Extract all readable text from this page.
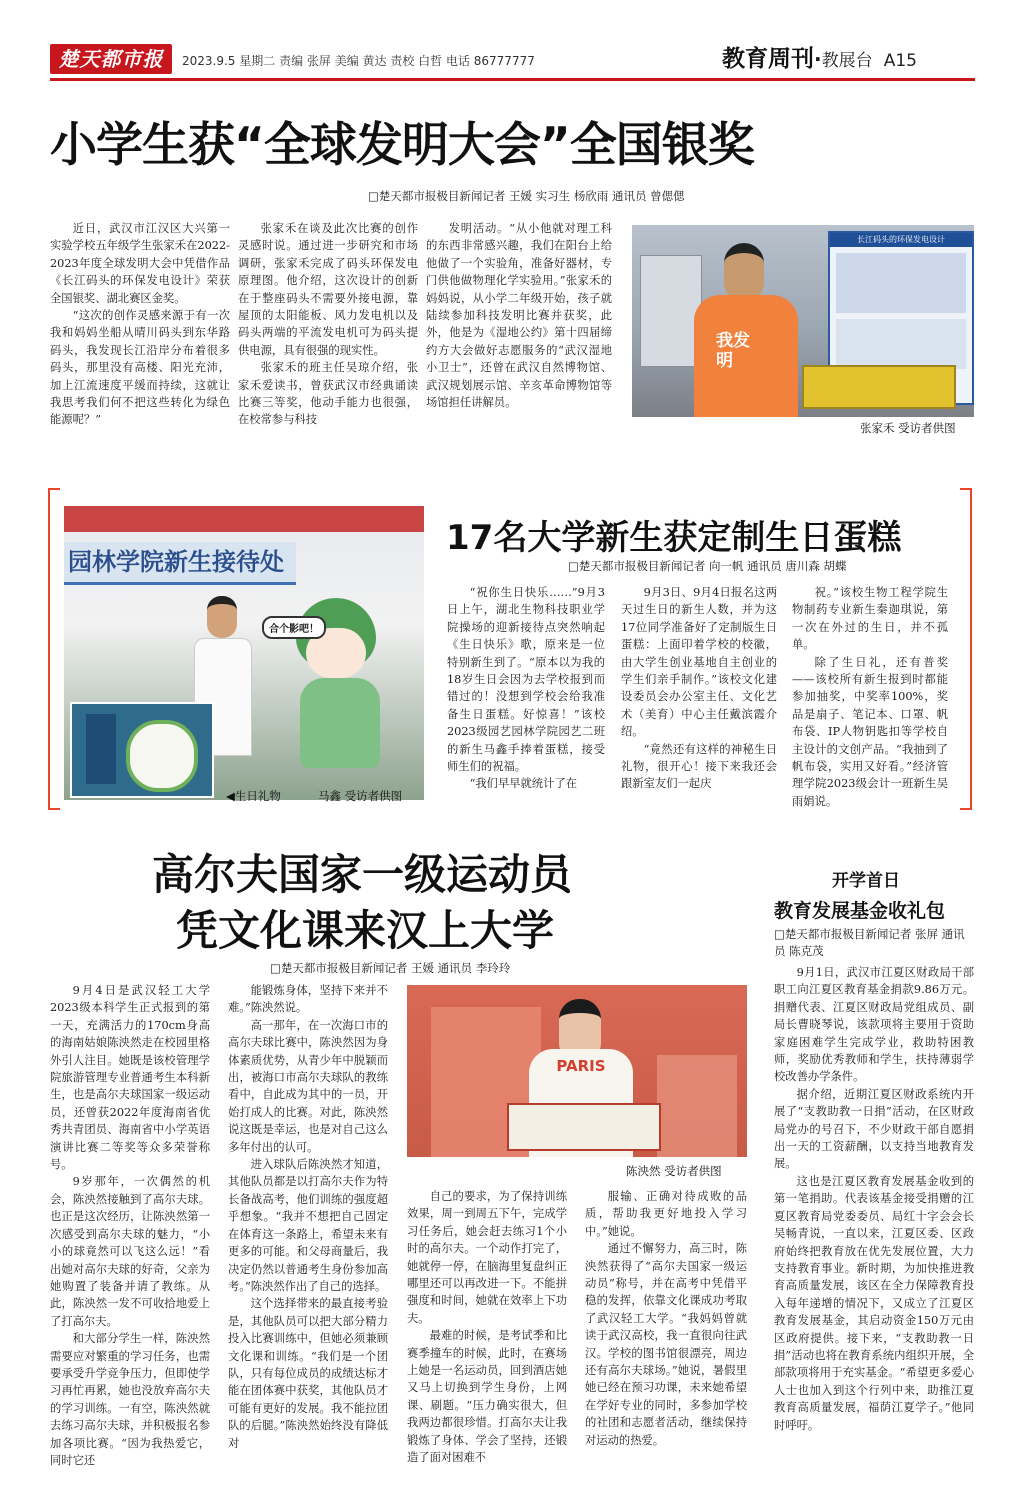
楚天都市报	2023.9.5 星期二 责编 张屏 美编 黄达 责校 白哲 电话 86777777	教育周刊·教展台 A15
小学生获“全球发明大会”全国银奖
□楚天都市报极目新闻记者 王媛 实习生 杨欣雨 通讯员 曾偲偲

近日，武汉市江汉区大兴第一实验学校五年级学生张家禾在2022-2023年度全球发明大会中凭借作品《长江码头的环保发电设计》荣获全国银奖、湖北赛区金奖。

“这次的创作灵感来源于有一次我和妈妈坐船从晴川码头到东华路码头，我发现长江沿岸分布着很多码头，那里没有高楼、阳光充沛，加上江流速度平缓而持续，这就让我思考我们何不把这些转化为绿色能源呢？”

张家禾在谈及此次比赛的创作灵感时说。通过进一步研究和市场调研，张家禾完成了码头环保发电原理图。他介绍，这次设计的创新在于整座码头不需要外接电源，靠屋顶的太阳能板、风力发电机以及码头两端的平流发电机可为码头提供电源，具有很强的现实性。

张家禾的班主任吴琼介绍，张家禾爱读书，曾获武汉市经典诵读比赛三等奖，他动手能力也很强，在校常参与科技

发明活动。“从小他就对理工科的东西非常感兴趣，我们在阳台上给他做了一个实验角，准备好器材，专门供他做物理化学实验用。”张家禾的妈妈说，从小学二年级开始，孩子就陆续参加科技发明比赛并获奖，此外，他是为《湿地公约》第十四届缔约方大会做好志愿服务的“武汉湿地小卫士”，还曾在武汉自然博物馆、武汉规划展示馆、辛亥革命博物馆等场馆担任讲解员。

长江码头的环保发电设计
我发明
张家禾 受访者供图
园林学院新生接待处
合个影吧！
◀生日礼物	马鑫 受访者供图
17名大学新生获定制生日蛋糕
□楚天都市报极目新闻记者 向一帆 通讯员 唐川森 胡蝶

“祝你生日快乐……”9月3日上午，湖北生物科技职业学院操场的迎新接待点突然响起《生日快乐》歌，原来是一位特别新生到了。“原本以为我的18岁生日会因为去学校报到而错过的！没想到学校会给我准备生日蛋糕。好惊喜！”该校2023级园艺园林学院园艺二班的新生马鑫手捧着蛋糕，接受师生们的祝福。

“我们早早就统计了在

9月3日、9月4日报名这两天过生日的新生人数，并为这17位同学准备好了定制版生日蛋糕：上面印着学校的校徽，由大学生创业基地自主创业的学生们亲手制作。”该校文化建设委员会办公室主任、文化艺术（美育）中心主任戴滨霞介绍。

“竟然还有这样的神秘生日礼物，很开心！接下来我还会跟新室友们一起庆

祝。”该校生物工程学院生物制药专业新生秦迦琪说，第一次在外过的生日，并不孤单。

除了生日礼，还有普奖——该校所有新生报到时都能参加抽奖，中奖率100%，奖品是扇子、笔记本、口罩、帆布袋、IP人物钥匙扣等学校自主设计的文创产品。“我抽到了帆布袋，实用又好看。”经济管理学院2023级会计一班新生吴雨娟说。

高尔夫国家一级运动员
凭文化课来汉上大学
□楚天都市报极目新闻记者 王媛 通讯员 李玲玲

9月4日是武汉轻工大学2023级本科学生正式报到的第一天，充满活力的170cm身高的海南姑娘陈泱然走在校园里格外引人注目。她既是该校管理学院旅游管理专业普通考生本科新生，也是高尔夫球国家一级运动员，还曾获2022年度海南省优秀共青团员、海南省中小学英语演讲比赛二等奖等众多荣誉称号。

9岁那年，一次偶然的机会，陈泱然接触到了高尔夫球。也正是这次经历，让陈泱然第一次感受到高尔夫球的魅力，“小小的球竟然可以飞这么远！”看出她对高尔夫球的好奇，父亲为她购置了装备并请了教练。从此，陈泱然一发不可收拾地爱上了打高尔夫。

和大部分学生一样，陈泱然需要应对繁重的学习任务，也需要承受升学竞争压力，但即使学习再忙再累，她也没放弃高尔夫的学习训练。一有空，陈泱然就去练习高尔夫球，并积极报名参加各项比赛。“因为我热爱它，同时它还

能锻炼身体，坚持下来并不难。”陈泱然说。

高一那年，在一次海口市的高尔夫球比赛中，陈泱然因为身体素质优势，从青少年中脱颖而出，被海口市高尔夫球队的教练看中，自此成为其中的一员，开始打成人的比赛。对此，陈泱然说这既是幸运，也是对自己这么多年付出的认可。

进入球队后陈泱然才知道，其他队员都是以打高尔夫作为特长备战高考，他们训练的强度超乎想象。“我并不想把自己固定在体育这一条路上，希望未来有更多的可能。和父母商量后，我决定仍然以普通考生身份参加高考。”陈泱然作出了自己的选择。

这个选择带来的最直接考验是，其他队员可以把大部分精力投入比赛训练中，但她必须兼顾文化课和训练。“我们是一个团队，只有每位成员的成绩达标才能在团体赛中获奖，其他队员才可能有更好的发展。我不能拉团队的后腿。”陈泱然始终没有降低对

PARIS
陈泱然 受访者供图

自己的要求，为了保持训练效果，周一到周五下午，完成学习任务后，她会赶去练习1个小时的高尔夫。一个动作打完了，她就停一停，在脑海里复盘纠正哪里还可以再改进一下。不能拼强度和时间，她就在效率上下功夫。

最难的时候，是考试季和比赛季撞车的时候，此时，在赛场上她是一名运动员，回到酒店她又马上切换到学生身份，上网课、刷题。“压力确实很大，但我两边都很珍惜。打高尔夫让我锻炼了身体、学会了坚持，还锻造了面对困难不

服输、正确对待成败的品质，帮助我更好地投入学习中。”她说。

通过不懈努力，高三时，陈泱然获得了“高尔夫国家一级运动员”称号，并在高考中凭借平稳的发挥，依靠文化课成功考取了武汉轻工大学。“我妈妈曾就读于武汉高校，我一直很向往武汉。学校的图书馆很漂亮，周边还有高尔夫球场。”她说，暑假里她已经在预习功课，未来她希望在学好专业的同时，多参加学校的社团和志愿者活动，继续保持对运动的热爱。

开学首日
教育发展基金收礼包
□楚天都市报极目新闻记者 张屏 通讯员 陈克茂

9月1日，武汉市江夏区财政局干部职工向江夏区教育基金捐款9.86万元。捐赠代表、江夏区财政局党组成员、副局长曹晓琴说，该款项将主要用于资助家庭困难学生完成学业，救助特困教师，奖励优秀教师和学生，扶持薄弱学校改善办学条件。

据介绍，近期江夏区财政系统内开展了“支教助教一日捐”活动，在区财政局党办的号召下，不少财政干部自愿捐出一天的工资薪酬，以支持当地教育发展。

这也是江夏区教育发展基金收到的第一笔捐助。代表该基金接受捐赠的江夏区教育局党委委员、局红十字会会长吴畅青说，一直以来，江夏区委、区政府始终把教育放在优先发展位置，大力支持教育事业。新时期，为加快推进教育高质量发展，该区在全力保障教育投入每年递增的情况下，又成立了江夏区教育发展基金，其启动资金150万元由区政府提供。接下来，“支教助教一日捐”活动也将在教育系统内组织开展，全部款项将用于充实基金。“希望更多爱心人士也加入到这个行列中来，助推江夏教育高质量发展，福荫江夏学子。”他同时呼吁。
